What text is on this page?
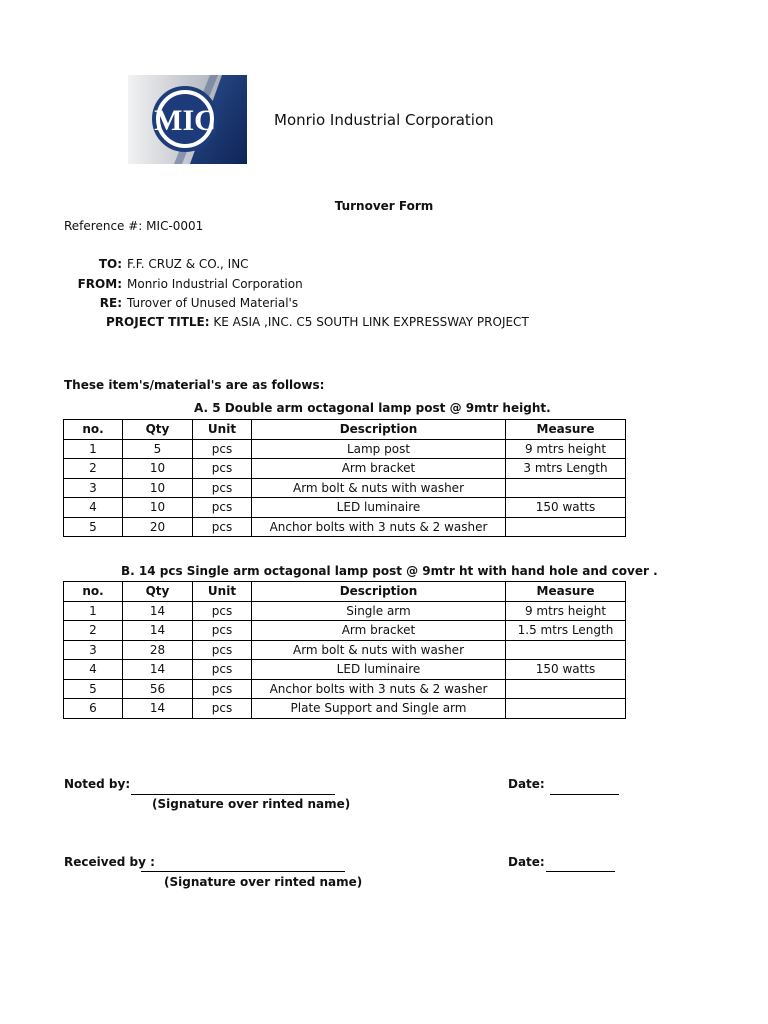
MIC	Monrio Industrial Corporation
Turnover Form
Reference #: MIC-0001
TO: F.F. CRUZ & CO., INC
FROM: Monrio Industrial Corporation
RE: Turover of Unused Material's
PROJECT TITLE: KE ASIA ,INC. C5 SOUTH LINK EXPRESSWAY PROJECT
These item's/material's are as follows:
A. 5 Double arm octagonal lamp post @ 9mtr height.
no.	Qty	Unit	Description	Measure
1	5	pcs	Lamp post	9 mtrs height
2	10	pcs	Arm bracket	3 mtrs Length
3	10	pcs	Arm bolt & nuts with washer	
4	10	pcs	LED luminaire	150 watts
5	20	pcs	Anchor bolts with 3 nuts & 2 washer	
B. 14 pcs Single arm octagonal lamp post @ 9mtr ht with hand hole and cover .
no.	Qty	Unit	Description	Measure
1	14	pcs	Single arm	9 mtrs height
2	14	pcs	Arm bracket	1.5 mtrs Length
3	28	pcs	Arm bolt & nuts with washer	
4	14	pcs	LED luminaire	150 watts
5	56	pcs	Anchor bolts with 3 nuts & 2 washer	
6	14	pcs	Plate Support and Single arm	
Noted by:
(Signature over rinted name)
Date:
Received by :
(Signature over rinted name)
Date:
